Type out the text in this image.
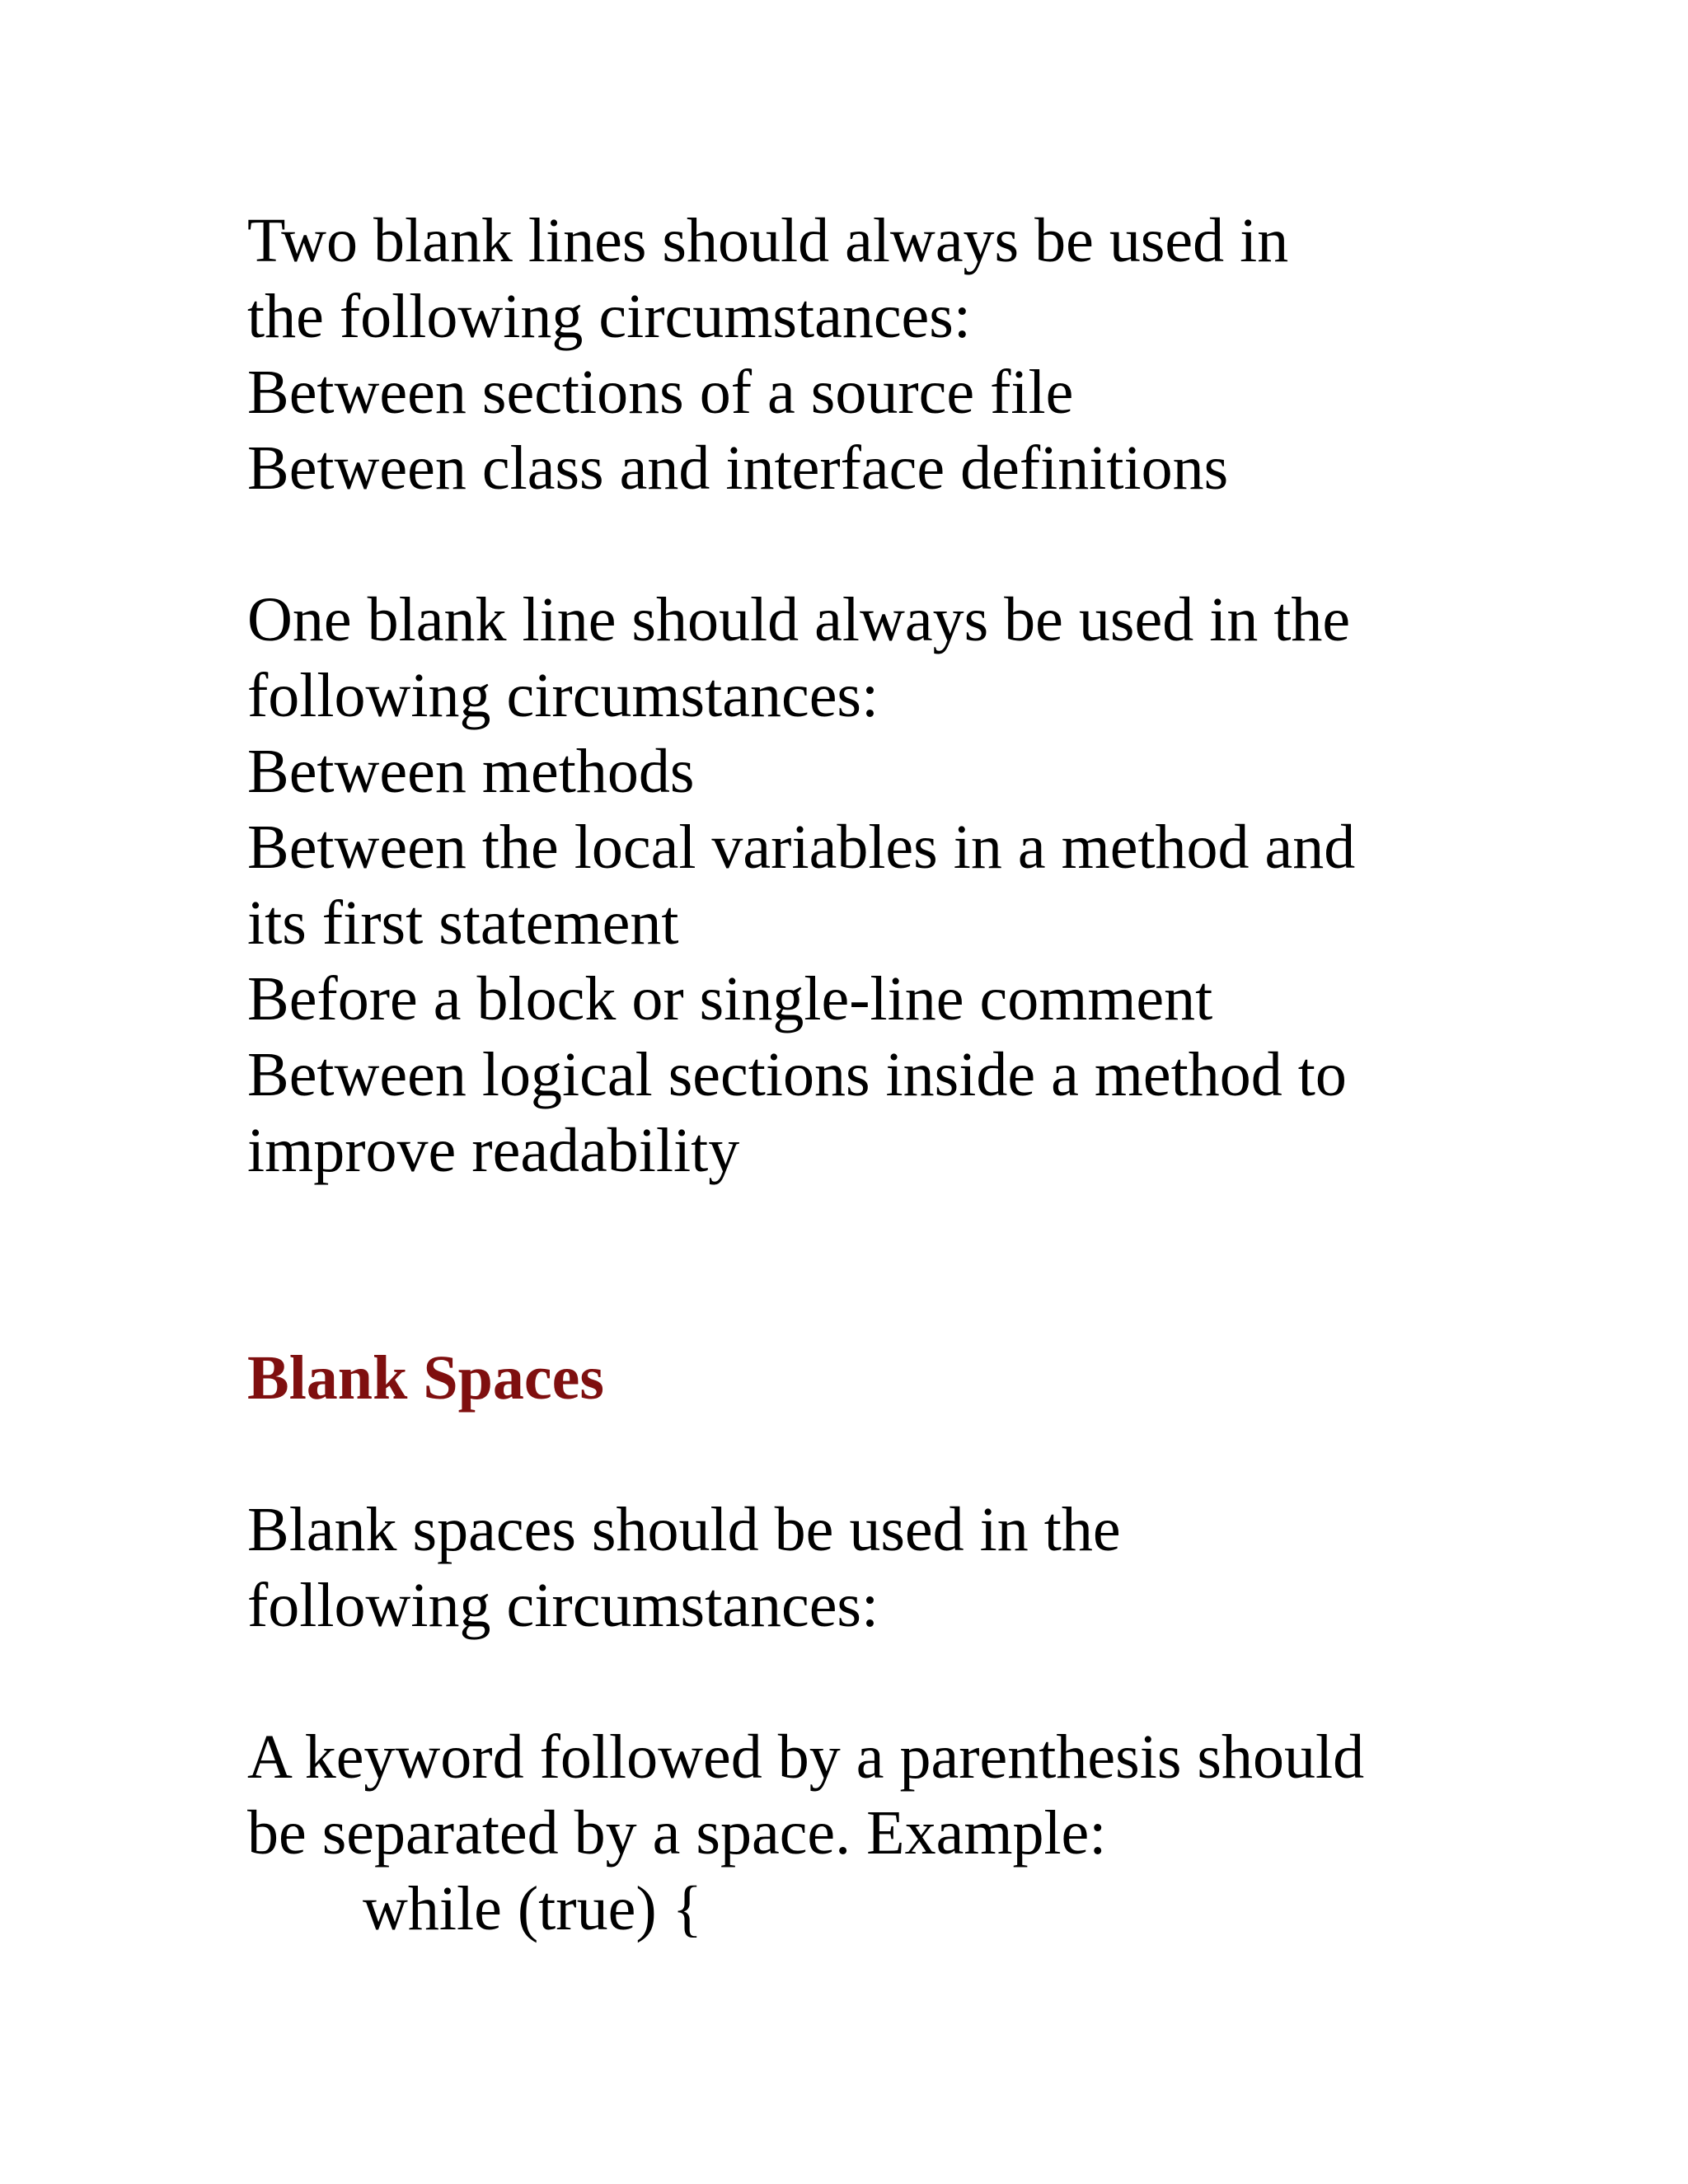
Two blank lines should always be used in
the following circumstances:
Between sections of a source file
Between class and interface definitions
One blank line should always be used in the
following circumstances:
Between methods
Between the local variables in a method and
its first statement
Before a block or single-line comment
Between logical sections inside a method to
improve readability
Blank Spaces
Blank spaces should be used in the
following circumstances:
A keyword followed by a parenthesis should
be separated by a space. Example:
while (true) {
